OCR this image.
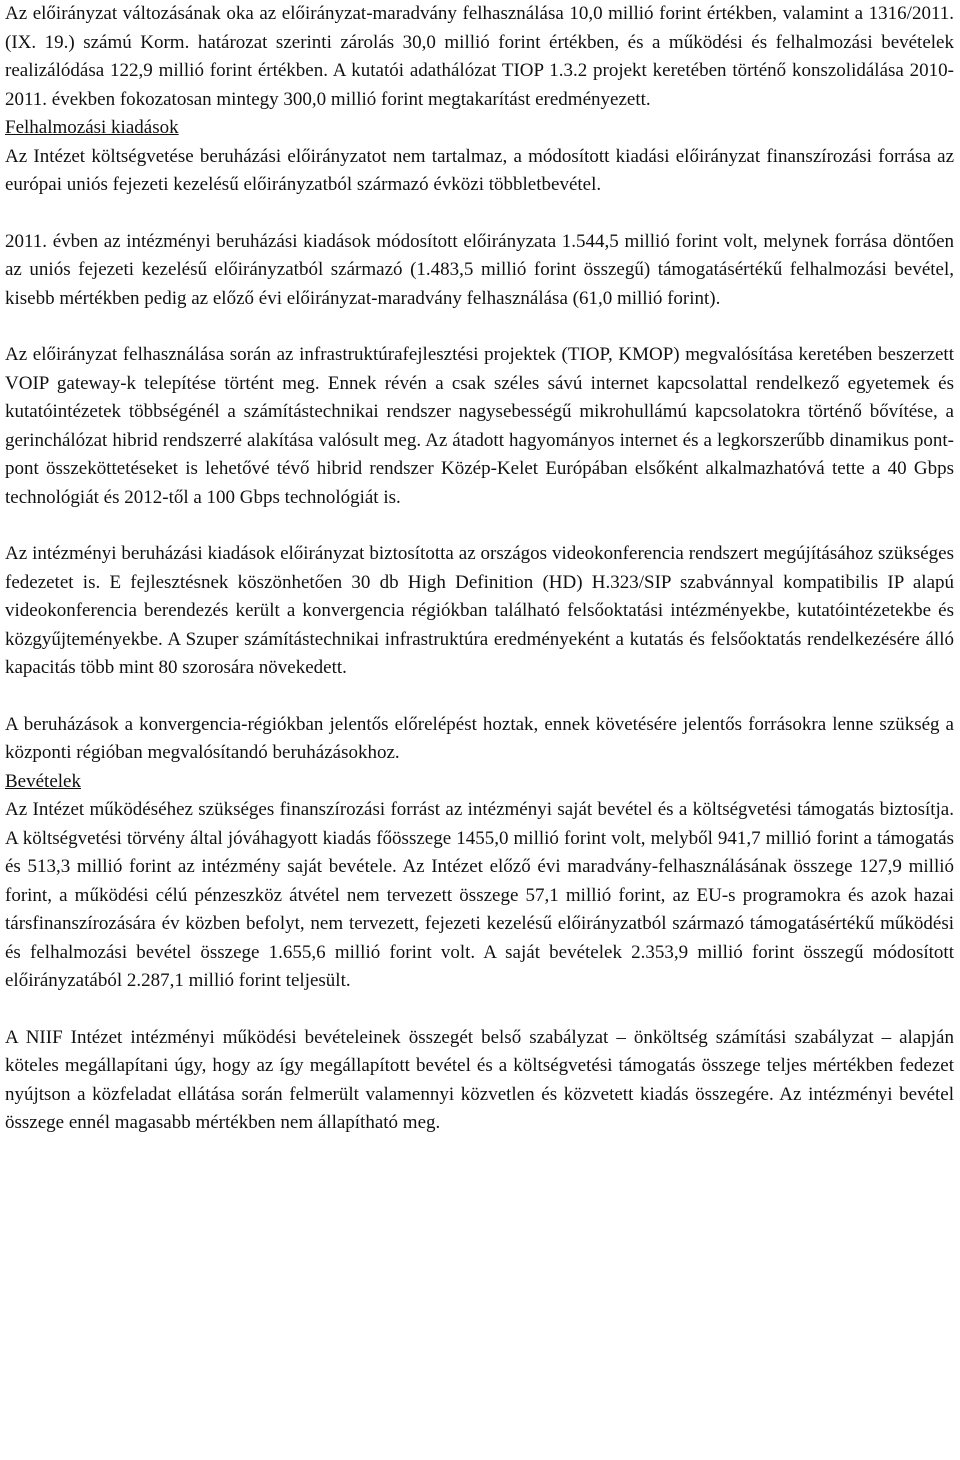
Az előirányzat változásának oka az előirányzat-maradvány felhasználása 10,0 millió forint értékben, valamint a 1316/2011. (IX. 19.) számú Korm. határozat szerinti zárolás 30,0 millió forint értékben, és a működési és felhalmozási bevételek realizálódása 122,9 millió forint értékben. A kutatói adathálózat TIOP 1.3.2 projekt keretében történő konszolidálása 2010-2011. években fokozatosan mintegy 300,0 millió forint megtakarítást eredményezett.

Felhalmozási kiadások

Az Intézet költségvetése beruházási előirányzatot nem tartalmaz, a módosított kiadási előirányzat finanszírozási forrása az európai uniós fejezeti kezelésű előirányzatból származó évközi többletbevétel.

2011. évben az intézményi beruházási kiadások módosított előirányzata 1.544,5 millió forint volt, melynek forrása döntően az uniós fejezeti kezelésű előirányzatból származó (1.483,5 millió forint összegű) támogatásértékű felhalmozási bevétel, kisebb mértékben pedig az előző évi előirányzat-maradvány felhasználása (61,0 millió forint).

Az előirányzat felhasználása során az infrastruktúrafejlesztési projektek (TIOP, KMOP) megvalósítása keretében beszerzett VOIP gateway-k telepítése történt meg. Ennek révén a csak széles sávú internet kapcsolattal rendelkező egyetemek és kutatóintézetek többségénél a számítástechnikai rendszer nagysebességű mikrohullámú kapcsolatokra történő bővítése, a gerinchálózat hibrid rendszerré alakítása valósult meg. Az átadott hagyományos internet és a legkorszerűbb dinamikus pont-pont összeköttetéseket is lehetővé tévő hibrid rendszer Közép-Kelet Európában elsőként alkalmazhatóvá tette a 40 Gbps technológiát és 2012-től a 100 Gbps technológiát is.

Az intézményi beruházási kiadások előirányzat biztosította az országos videokonferencia rendszert megújításához szükséges fedezetet is. E fejlesztésnek köszönhetően 30 db High Definition (HD) H.323/SIP szabvánnyal kompatibilis IP alapú videokonferencia berendezés került a konvergencia régiókban található felsőoktatási intézményekbe, kutatóintézetekbe és közgyűjteményekbe. A Szuper számítástechnikai infrastruktúra eredményeként a kutatás és felsőoktatás rendelkezésére álló kapacitás több mint 80 szorosára növekedett.

A beruházások a konvergencia-régiókban jelentős előrelépést hoztak, ennek követésére jelentős forrásokra lenne szükség a központi régióban megvalósítandó beruházásokhoz.

Bevételek

Az Intézet működéséhez szükséges finanszírozási forrást az intézményi saját bevétel és a költségvetési támogatás biztosítja. A költségvetési törvény által jóváhagyott kiadás főösszege 1455,0 millió forint volt, melyből 941,7 millió forint a támogatás és 513,3 millió forint az intézmény saját bevétele. Az Intézet előző évi maradvány-felhasználásának összege 127,9 millió forint, a működési célú pénzeszköz átvétel nem tervezett összege 57,1 millió forint, az EU-s programokra és azok hazai társfinanszírozására év közben befolyt, nem tervezett, fejezeti kezelésű előirányzatból származó támogatásértékű működési és felhalmozási bevétel összege 1.655,6 millió forint volt. A saját bevételek 2.353,9 millió forint összegű módosított előirányzatából 2.287,1 millió forint teljesült.

A NIIF Intézet intézményi működési bevételeinek összegét belső szabályzat – önköltség számítási szabályzat – alapján köteles megállapítani úgy, hogy az így megállapított bevétel és a költségvetési támogatás összege teljes mértékben fedezet nyújtson a közfeladat ellátása során felmerült valamennyi közvetlen és közvetett kiadás összegére. Az intézményi bevétel összege ennél magasabb mértékben nem állapítható meg.
